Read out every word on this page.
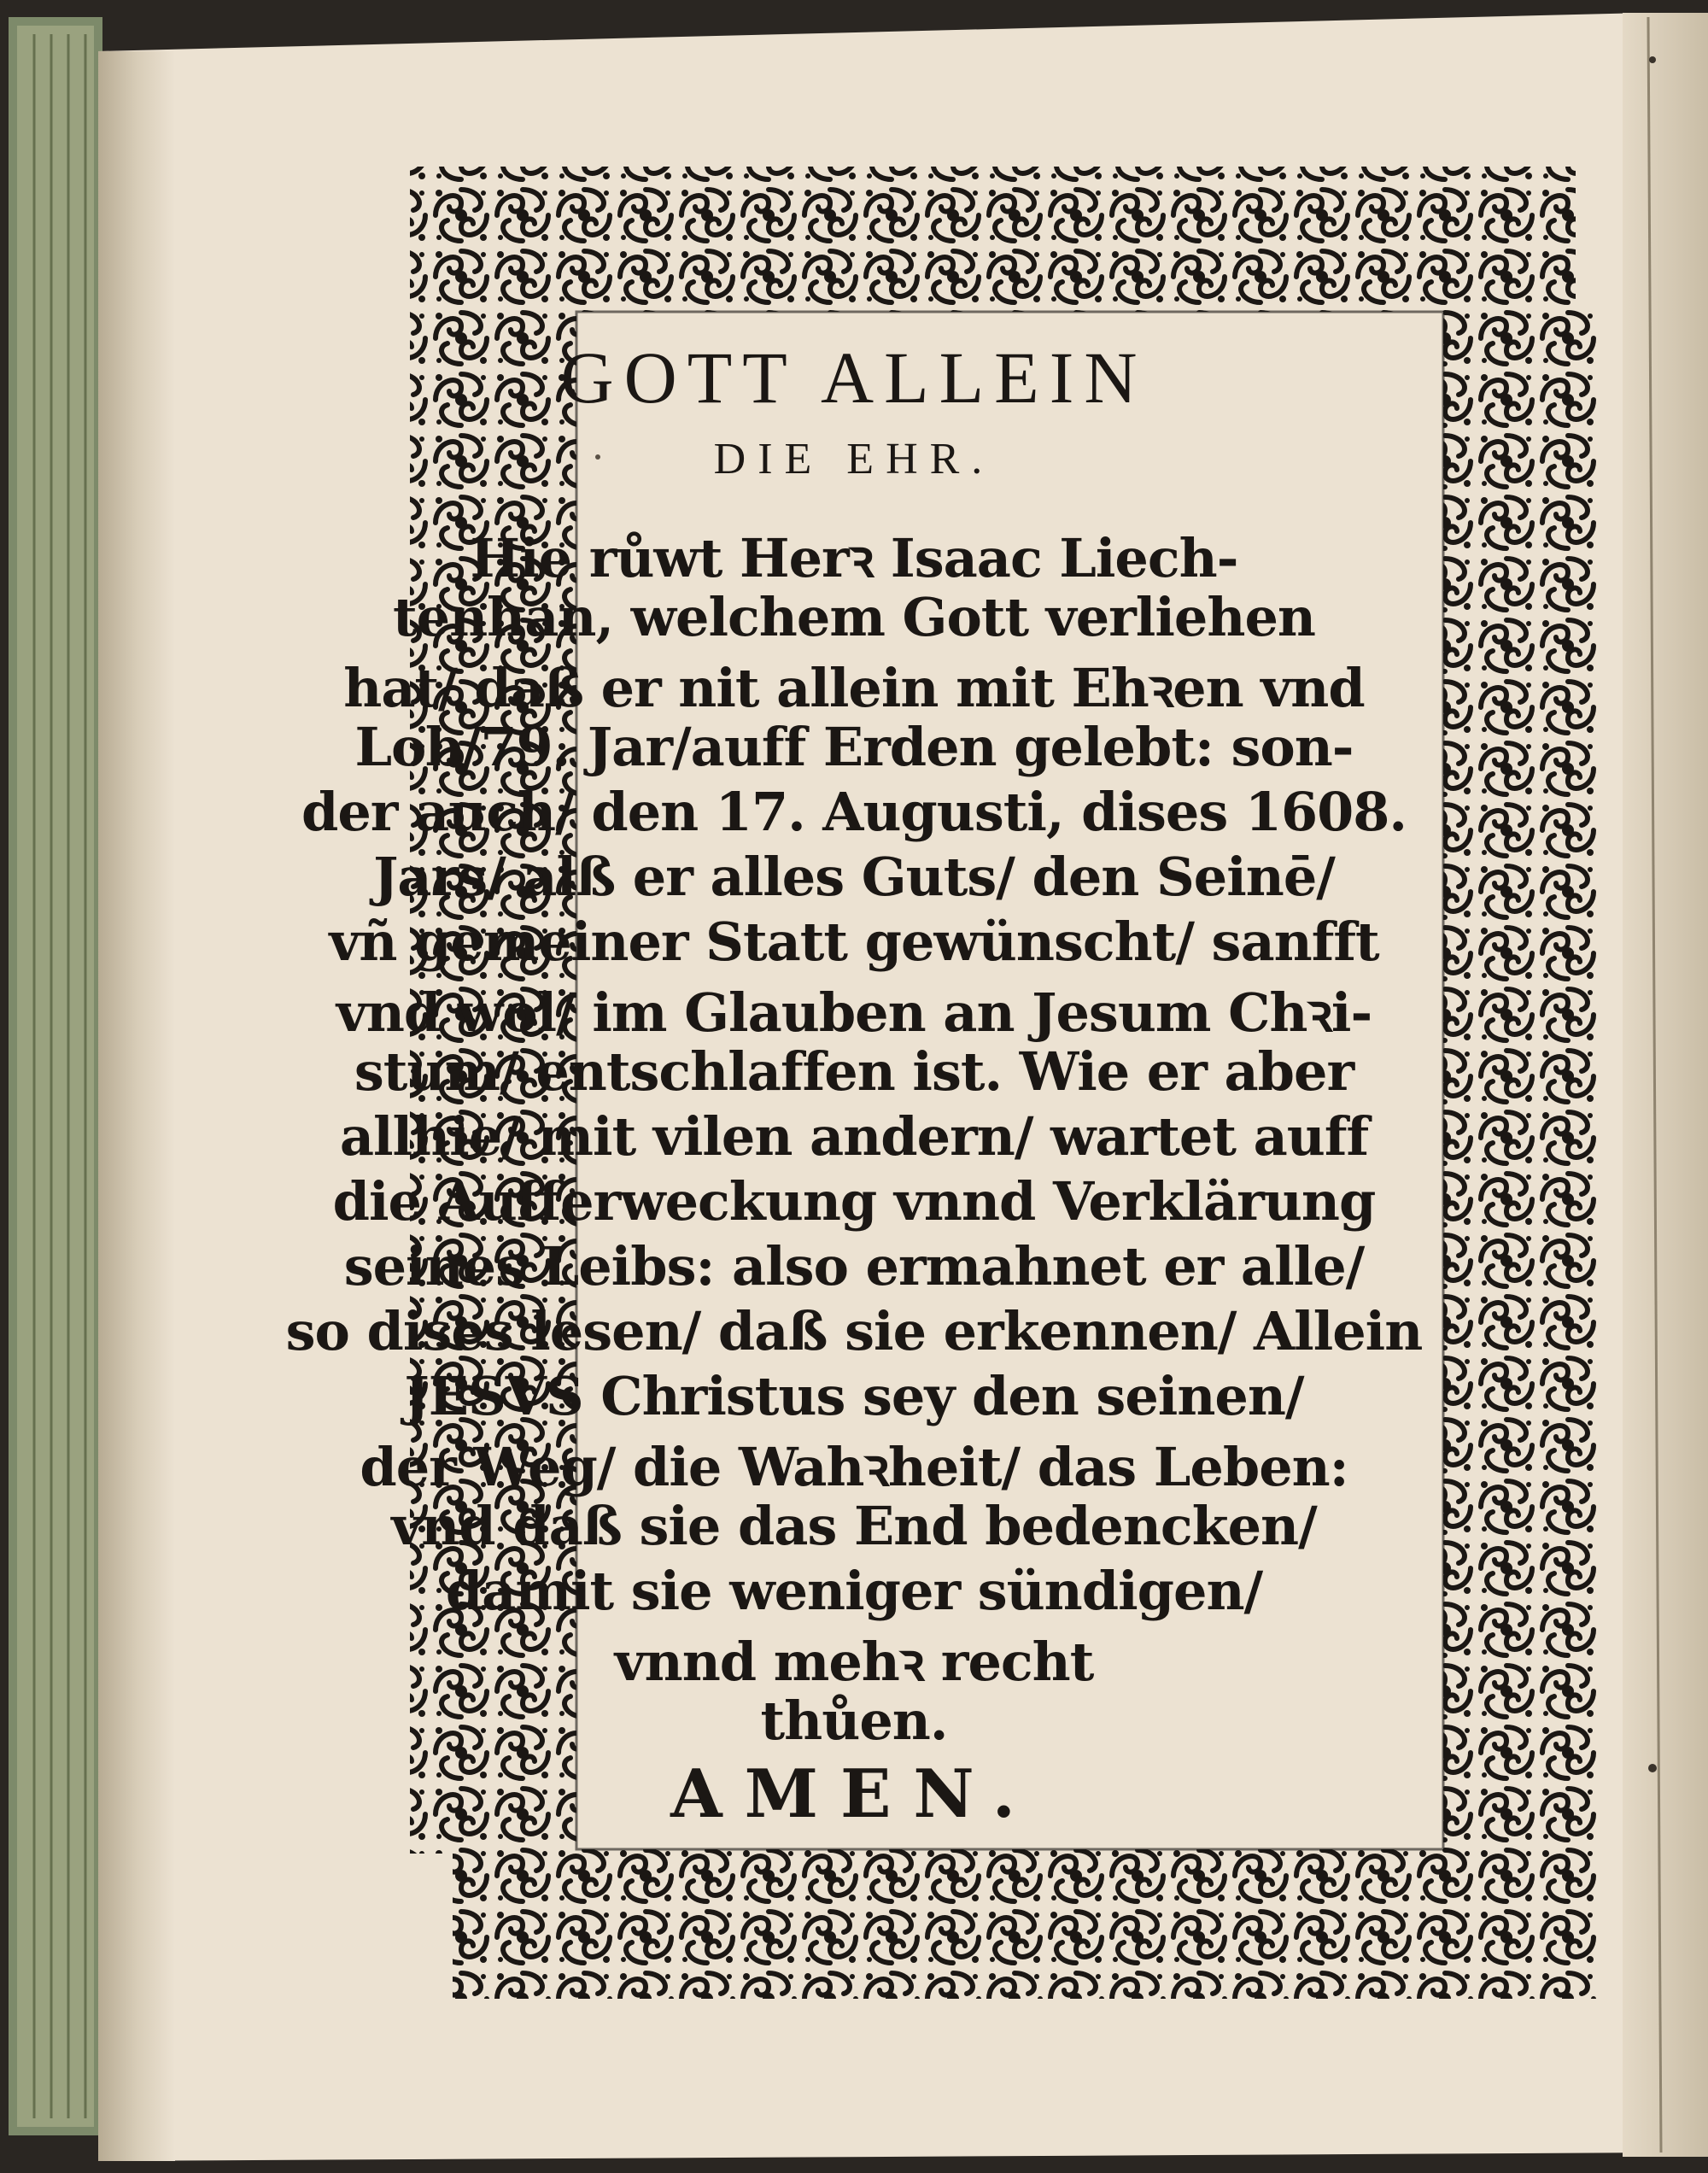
GOTT ALLEIN

DIE EHR.

Hie růwt Herꝛ Isaac Liech-

tenhan, welchem Gott verliehen

hat/ daß er nit allein mit Ehꝛen vnd

Lob/79. Jar/auff Erden gelebt: son-

der auch/ den 17. Augusti, dises 1608.

Jars/ alß er alles Guts/ den Seinē/

vñ gemeiner Statt gewünscht/ sanfft

vnd wol/ im Glauben an Jesum Chꝛi-

stum/ entschlaffen ist. Wie er aber

allhie/ mit vilen andern/ wartet auff

die Aufferweckung vnnd Verklärung

seines Leibs: also ermahnet er alle/

so dises lesen/ daß sie erkennen/ Allein

JESVS Christus sey den seinen/

der Weg/ die Wahꝛheit/ das Leben:

vnd daß sie das End bedencken/

damit sie weniger sündigen/

vnnd mehꝛ recht

thůen.

AMEN.
